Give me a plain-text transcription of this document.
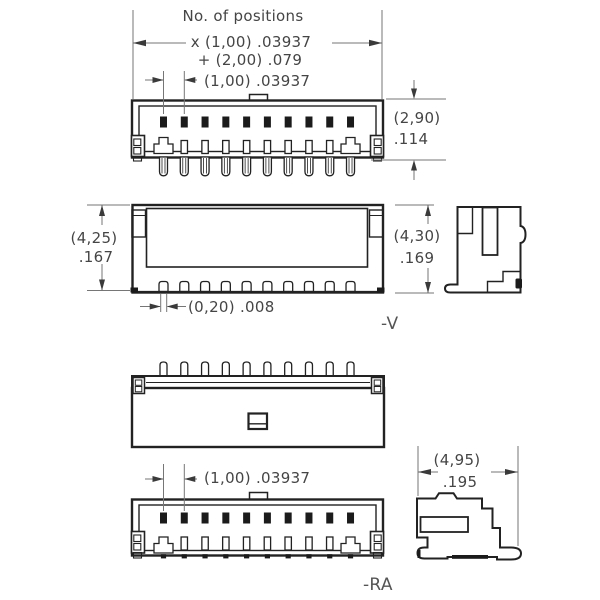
No. of positions
x (1,00) .03937
+ (2,00) .079
(1,00) .03937
(2,90)
.114
(4,25)
.167
(0,20) .008
(4,30)
.169
(1,00) .03937
(4,95)
.195
-V
-RA
